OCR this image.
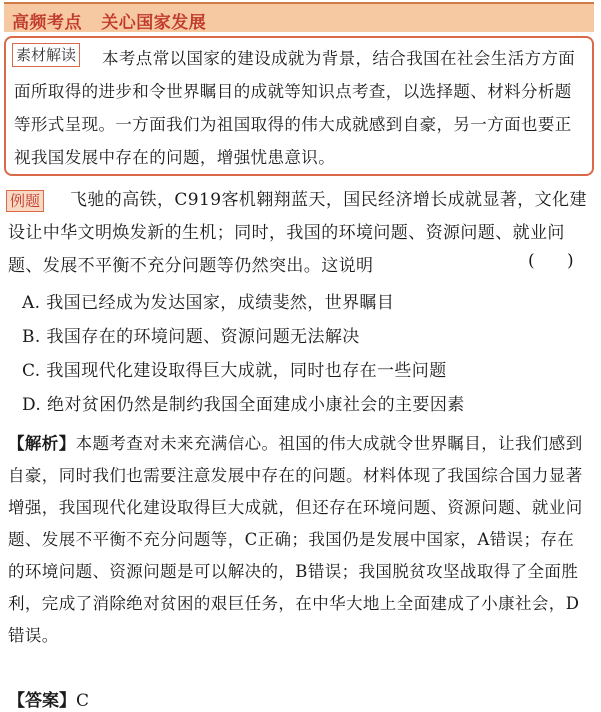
高频考点   关心国家发展

本考点常以国家的建设成就为背景，结合我国在社会生活方方面面所取得的进步和令世界瞩目的成就等知识点考查，以选择题、材料分析题等形式呈现。一方面我们为祖国取得的伟大成就感到自豪，另一方面也要正视我国发展中存在的问题，增强忧患意识。

素材解读

飞驰的高铁，C919客机翱翔蓝天，国民经济增长成就显著，文化建设让中华文明焕发新的生机；同时，我国的环境问题、资源问题、就业问题、发展不平衡不充分问题等仍然突出。这说明

例题
(      )
A. 我国已经成为发达国家，成绩斐然，世界瞩目
B. 我国存在的环境问题、资源问题无法解决
C. 我国现代化建设取得巨大成就，同时也存在一些问题
D. 绝对贫困仍然是制约我国全面建成小康社会的主要因素

【解析】本题考查对未来充满信心。祖国的伟大成就令世界瞩目，让我们感到自豪，同时我们也需要注意发展中存在的问题。材料体现了我国综合国力显著增强，我国现代化建设取得巨大成就，但还存在环境问题、资源问题、就业问题、发展不平衡不充分问题等，C正确；我国仍是发展中国家，A错误；存在的环境问题、资源问题是可以解决的，B错误；我国脱贫攻坚战取得了全面胜利，完成了消除绝对贫困的艰巨任务，在中华大地上全面建成了小康社会，D错误。

【答案】C
